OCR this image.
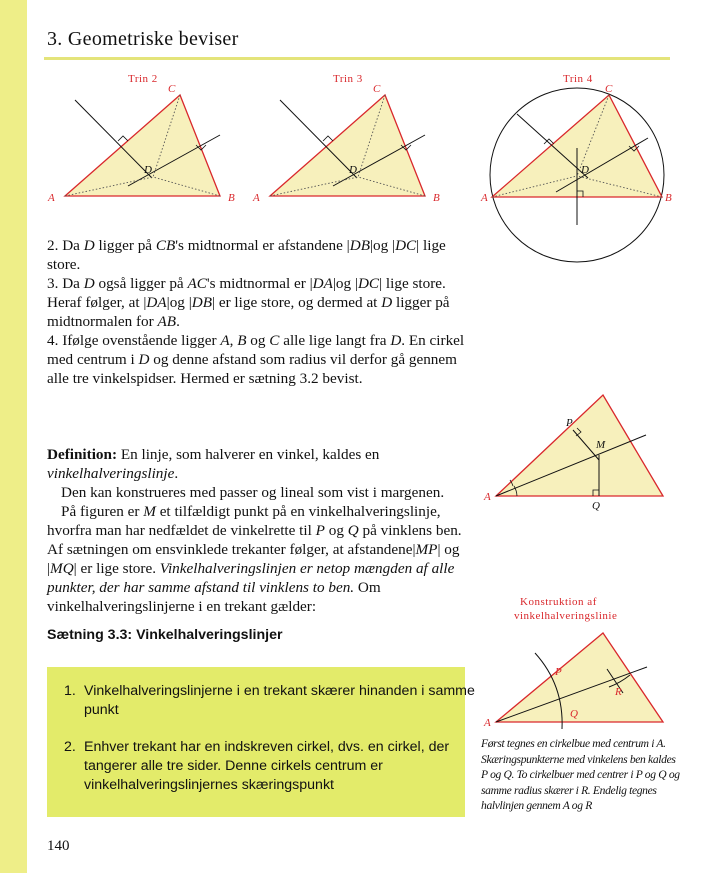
3. Geometriske beviser
Trin 2
A	B
C
D
Trin 3
A	B
C
D
Trin 4
A	B
C
D

2. Da D ligger på CB's midtnormal er afstandene |DB|og |DC| lige store.

3. Da D også ligger på AC's midtnormal er |DA|og |DC| lige store. Heraf følger, at |DA|og |DB| er lige store, og dermed at D ligger på midtnormalen for AB.

4. Ifølge ovenstående ligger A, B og C alle lige langt fra D. En cirkel med centrum i D og denne afstand som radius vil derfor gå gennem alle tre vinkelspidser. Hermed er sætning 3.2 bevist.

A
P
M
Q

Definition: En linje, som halverer en vinkel, kaldes en vinkelhalveringslinje.

Den kan konstrueres med passer og lineal som vist i margenen.

På figuren er M et tilfældigt punkt på en vinkelhalveringslinje, hvorfra man har nedfældet de vinkelrette til P og Q på vinklens ben. Af sætningen om ensvinklede trekanter følger, at afstandene|MP| og |MQ| er lige store. Vinkelhalveringslinjen er netop mængden af alle punkter, der har samme afstand til vinklens to ben. Om vinkelhalveringslinjerne i en trekant gælder:	Konstruktion af
vinkelhalveringslinie
A
P
Q
R
Først tegnes en cirkelbue med centrum i A. Skæringspunkterne med vinkelens ben kaldes P og Q. To cirkelbuer med centrer i P og Q og samme radius skærer i R. Endelig tegnes halvlinjen gennem A og R
Sætning 3.3: Vinkelhalveringslinjer
1. Vinkelhalveringslinjerne i en trekant skærer hinanden i samme punkt
2. Enhver trekant har en indskreven cirkel, dvs. en cirkel, der tangerer alle tre sider. Denne cirkels centrum er vinkelhalveringslinjernes skæringspunkt
140
